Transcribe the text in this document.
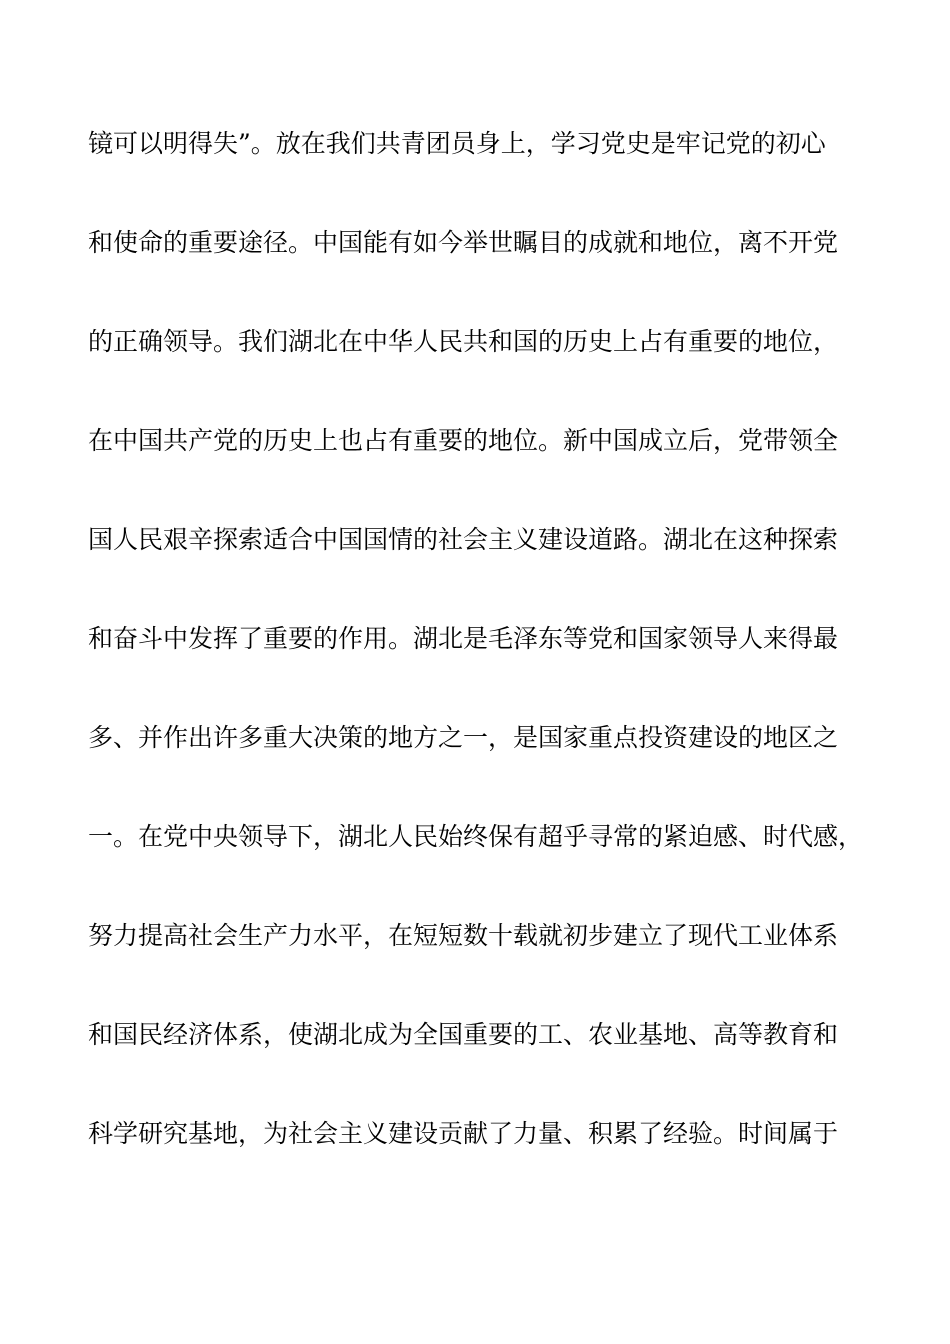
镜可以明得失”。放在我们共青团员身上，学习党史是牢记党的初心
和使命的重要途径。中国能有如今举世瞩目的成就和地位，离不开党
的正确领导。我们湖北在中华人民共和国的历史上占有重要的地位，
在中国共产党的历史上也占有重要的地位。新中国成立后，党带领全
国人民艰辛探索适合中国国情的社会主义建设道路。湖北在这种探索
和奋斗中发挥了重要的作用。湖北是毛泽东等党和国家领导人来得最
多、并作出许多重大决策的地方之一，是国家重点投资建设的地区之
一。在党中央领导下，湖北人民始终保有超乎寻常的紧迫感、时代感，
努力提高社会生产力水平，在短短数十载就初步建立了现代工业体系
和国民经济体系，使湖北成为全国重要的工、农业基地、高等教育和
科学研究基地，为社会主义建设贡献了力量、积累了经验。时间属于
